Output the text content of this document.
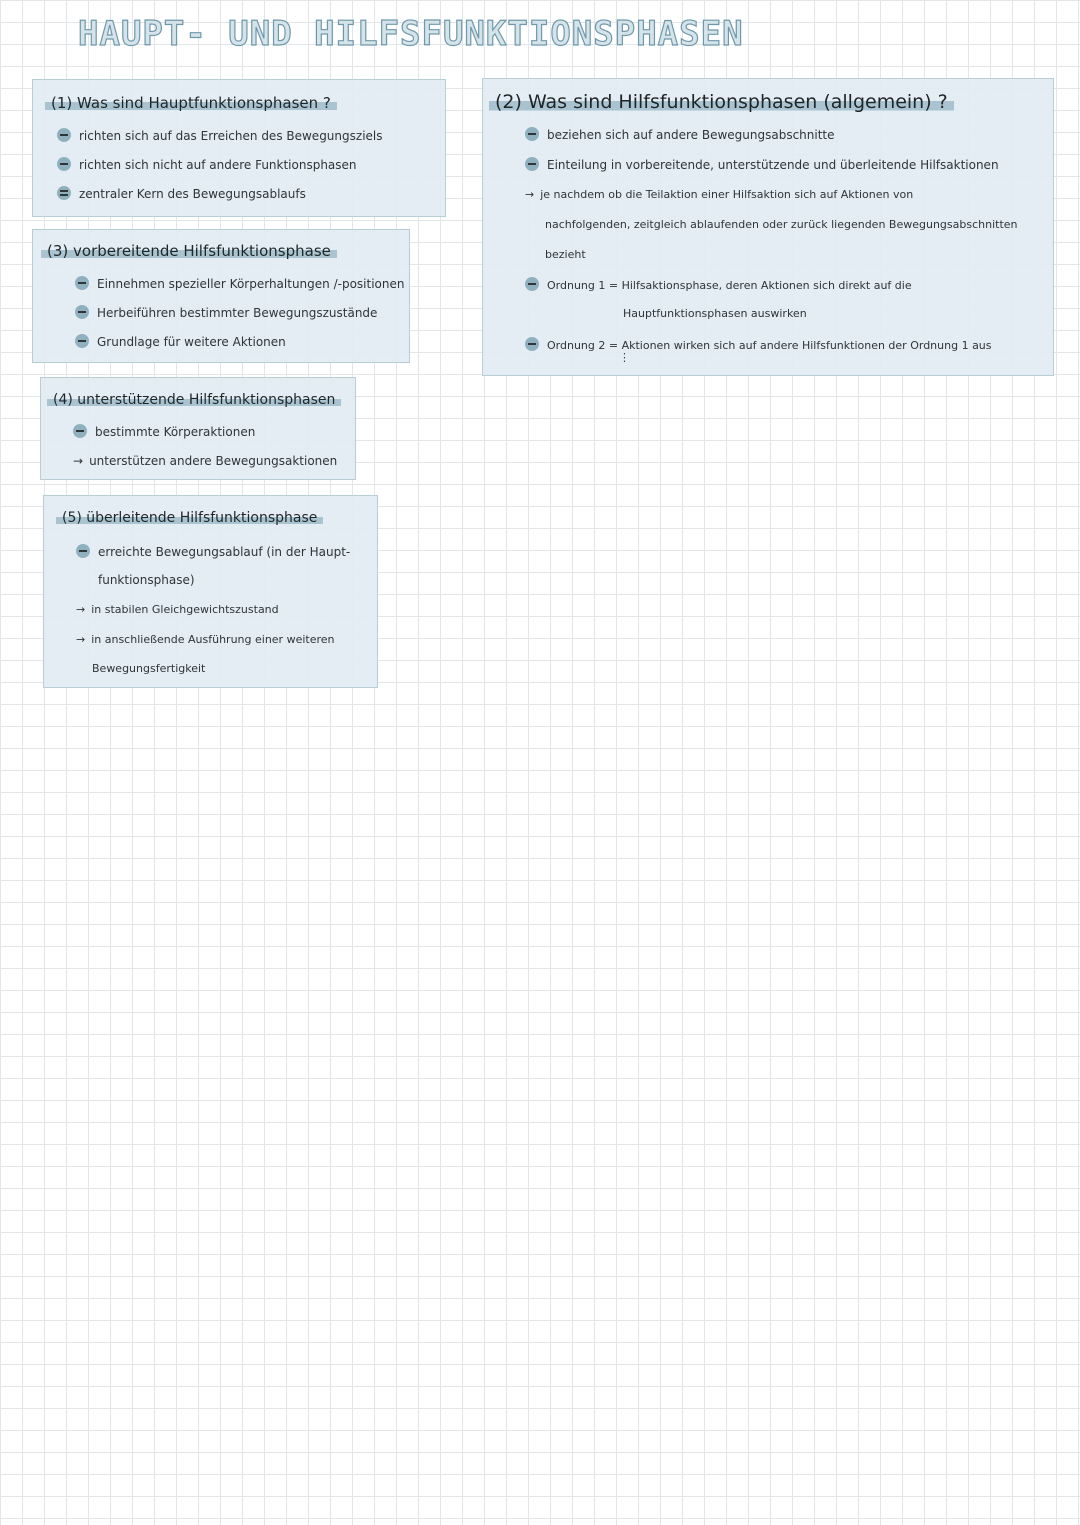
HAUPT- UND HILFSFUNKTIONSPHASEN
(1) Was sind Hauptfunktionsphasen ?
richten sich auf das Erreichen des Bewegungsziels
richten sich nicht auf andere Funktionsphasen
zentraler Kern des Bewegungsablaufs
(2) Was sind Hilfsfunktionsphasen (allgemein) ?
beziehen sich auf andere Bewegungsabschnitte
Einteilung in vorbereitende, unterstützende und überleitende Hilfsaktionen
→ je nachdem ob die Teilaktion einer Hilfsaktion sich auf Aktionen von
nachfolgenden, zeitgleich ablaufenden oder zurück liegenden Bewegungsabschnitten
bezieht
Ordnung 1 = Hilfsaktionsphase, deren Aktionen sich direkt auf die
Hauptfunktionsphasen auswirken
Ordnung 2 = Aktionen wirken sich auf andere Hilfsfunktionen der Ordnung 1 aus
⋮
(3) vorbereitende Hilfsfunktionsphase
Einnehmen spezieller Körperhaltungen /-positionen
Herbeiführen bestimmter Bewegungszustände
Grundlage für weitere Aktionen
(4) unterstützende Hilfsfunktionsphasen
bestimmte Körperaktionen
→ unterstützen andere Bewegungsaktionen
(5) überleitende Hilfsfunktionsphase
erreichte Bewegungsablauf (in der Haupt-
funktionsphase)
→ in stabilen Gleichgewichtszustand
→ in anschließende Ausführung einer weiteren
Bewegungsfertigkeit
